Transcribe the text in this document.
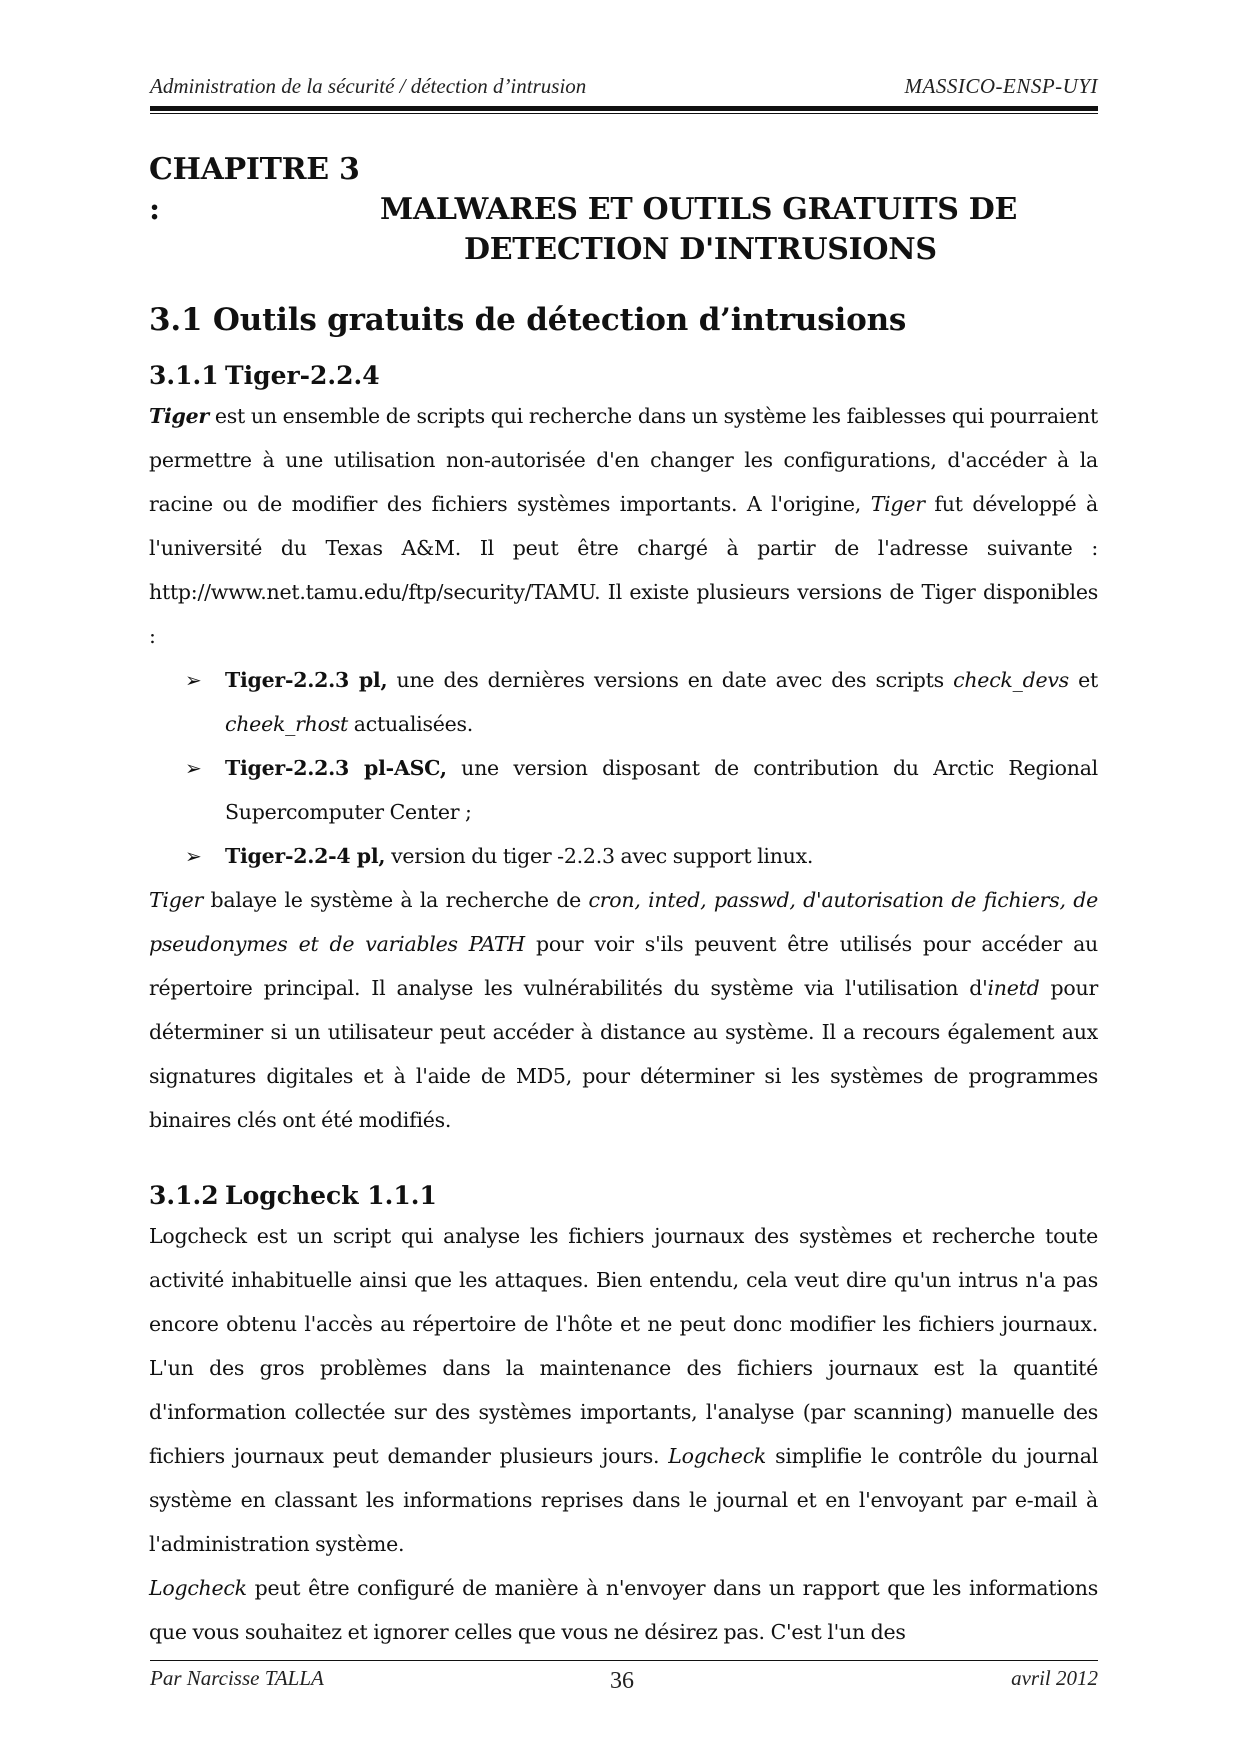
Administration de la sécurité / détection d’intrusion	MASSICO-ENSP-UYI
CHAPITRE 3 :	MALWARES ET OUTILS GRATUITS DE
DETECTION D'INTRUSIONS
3.1 Outils gratuits de détection d’intrusions
3.1.1 Tiger-2.2.4

Tiger est un ensemble de scripts qui recherche dans un système les faiblesses qui pourraient permettre à une utilisation non-autorisée d'en changer les configurations, d'accéder à la racine ou de modifier des fichiers systèmes importants. A l'origine, Tiger fut développé à l'université du Texas A&M. Il peut être chargé à partir de l'adresse suivante : http://www.net.tamu.edu/ftp/security/TAMU. Il existe plusieurs versions de Tiger disponibles :

➢ Tiger-2.2.3 pl, une des dernières versions en date avec des scripts check_devs et cheek_rhost actualisées.
➢ Tiger-2.2.3 pl-ASC, une version disposant de contribution du Arctic Regional Supercomputer Center ;
➢ Tiger-2.2-4 pl, version du tiger -2.2.3 avec support linux.

Tiger balaye le système à la recherche de cron, inted, passwd, d'autorisation de fichiers, de pseudonymes et de variables PATH pour voir s'ils peuvent être utilisés pour accéder au répertoire principal. Il analyse les vulnérabilités du système via l'utilisation d'inetd pour déterminer si un utilisateur peut accéder à distance au système. Il a recours également aux signatures digitales et à l'aide de MD5, pour déterminer si les systèmes de programmes binaires clés ont été modifiés.

3.1.2 Logcheck 1.1.1

Logcheck est un script qui analyse les fichiers journaux des systèmes et recherche toute activité inhabituelle ainsi que les attaques. Bien entendu, cela veut dire qu'un intrus n'a pas encore obtenu l'accès au répertoire de l'hôte et ne peut donc modifier les fichiers journaux. L'un des gros problèmes dans la maintenance des fichiers journaux est la quantité d'information collectée sur des systèmes importants, l'analyse (par scanning) manuelle des fichiers journaux peut demander plusieurs jours. Logcheck simplifie le contrôle du journal système en classant les informations reprises dans le journal et en l'envoyant par e-mail à l'administration système.

Logcheck peut être configuré de manière à n'envoyer dans un rapport que les informations que vous souhaitez et ignorer celles que vous ne désirez pas. C'est l'un des

Par Narcisse TALLA	36	avril 2012
